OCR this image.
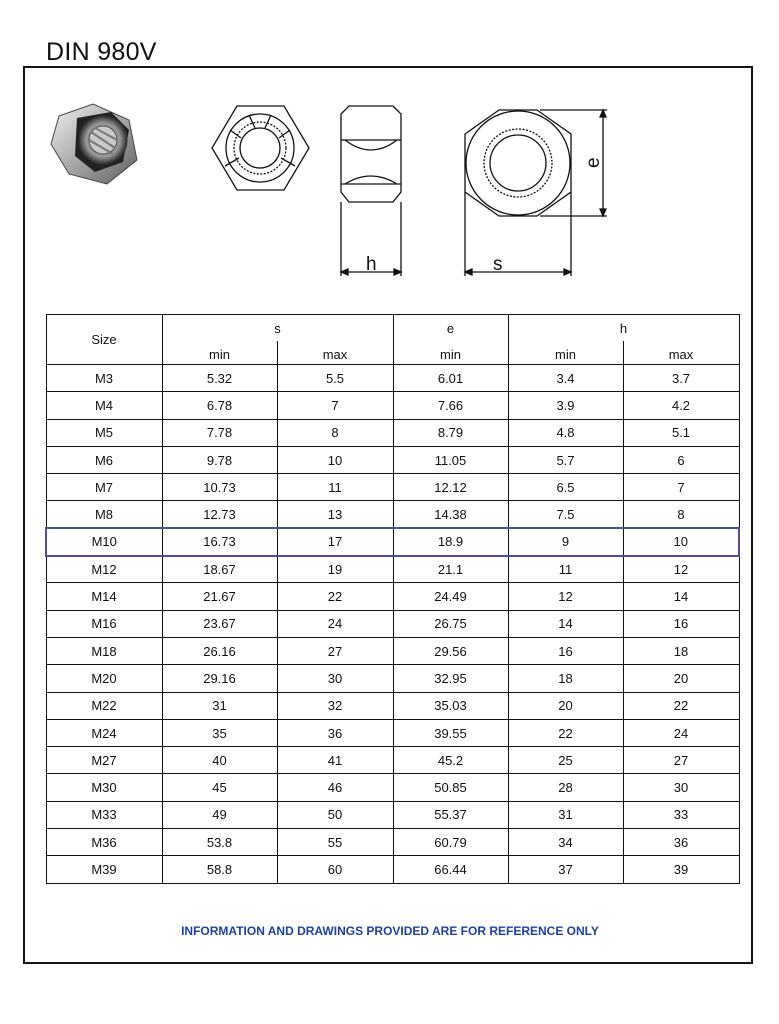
DIN 980V
h	s
e
Size	s		e	h	
	min	max	min	min	max
M3	5.32	5.5	6.01	3.4	3.7
M4	6.78	7	7.66	3.9	4.2
M5	7.78	8	8.79	4.8	5.1
M6	9.78	10	11.05	5.7	6
M7	10.73	11	12.12	6.5	7
M8	12.73	13	14.38	7.5	8
M10	16.73	17	18.9	9	10
M12	18.67	19	21.1	11	12
M14	21.67	22	24.49	12	14
M16	23.67	24	26.75	14	16
M18	26.16	27	29.56	16	18
M20	29.16	30	32.95	18	20
M22	31	32	35.03	20	22
M24	35	36	39.55	22	24
M27	40	41	45.2	25	27
M30	45	46	50.85	28	30
M33	49	50	55.37	31	33
M36	53.8	55	60.79	34	36
M39	58.8	60	66.44	37	39
INFORMATION AND DRAWINGS PROVIDED ARE FOR REFERENCE ONLY
